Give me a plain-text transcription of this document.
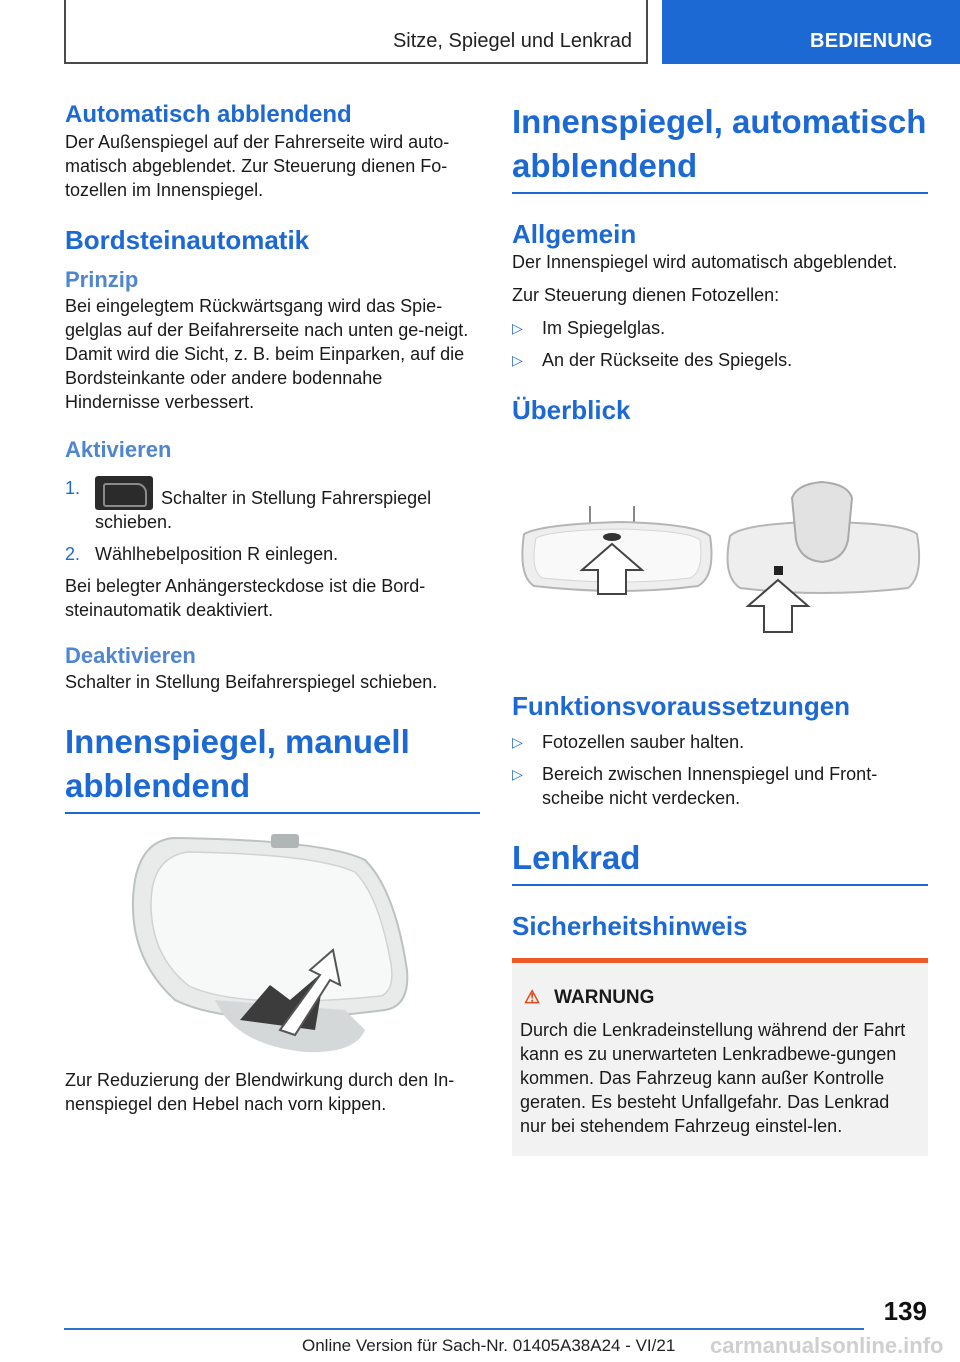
Sitze, Spiegel und Lenkrad	BEDIENUNG
Automatisch abblendend

Der Außenspiegel auf der Fahrerseite wird auto-matisch abgeblendet. Zur Steuerung dienen Fo-tozellen im Innenspiegel.

Bordsteinautomatik
Prinzip

Bei eingelegtem Rückwärtsgang wird das Spie-gelglas auf der Beifahrerseite nach unten ge-neigt. Damit wird die Sicht, z. B. beim Einparken, auf die Bordsteinkante oder andere bodennahe Hindernisse verbessert.

Aktivieren
1.	Schalter in Stellung Fahrerspiegel schieben.
2. Wählhebelposition R einlegen.

Bei belegter Anhängersteckdose ist die Bord-steinautomatik deaktiviert.

Deaktivieren

Schalter in Stellung Beifahrerspiegel schieben.

Innenspiegel, manuell abblendend

Zur Reduzierung der Blendwirkung durch den In-nenspiegel den Hebel nach vorn kippen.

Innenspiegel, automatisch abblendend
Allgemein

Der Innenspiegel wird automatisch abgeblendet.

Zur Steuerung dienen Fotozellen:

▷ Im Spiegelglas.
▷ An der Rückseite des Spiegels.
Überblick
Funktionsvoraussetzungen
▷ Fotozellen sauber halten.
▷ Bereich zwischen Innenspiegel und Front-scheibe nicht verdecken.
Lenkrad
Sicherheitshinweis
⚠ WARNUNG

Durch die Lenkradeinstellung während der Fahrt kann es zu unerwarteten Lenkradbewe-gungen kommen. Das Fahrzeug kann außer Kontrolle geraten. Es besteht Unfallgefahr. Das Lenkrad nur bei stehendem Fahrzeug einstel-len.

139
Online Version für Sach-Nr. 01405A38A24 - VI/21 carmanualsonline.info
